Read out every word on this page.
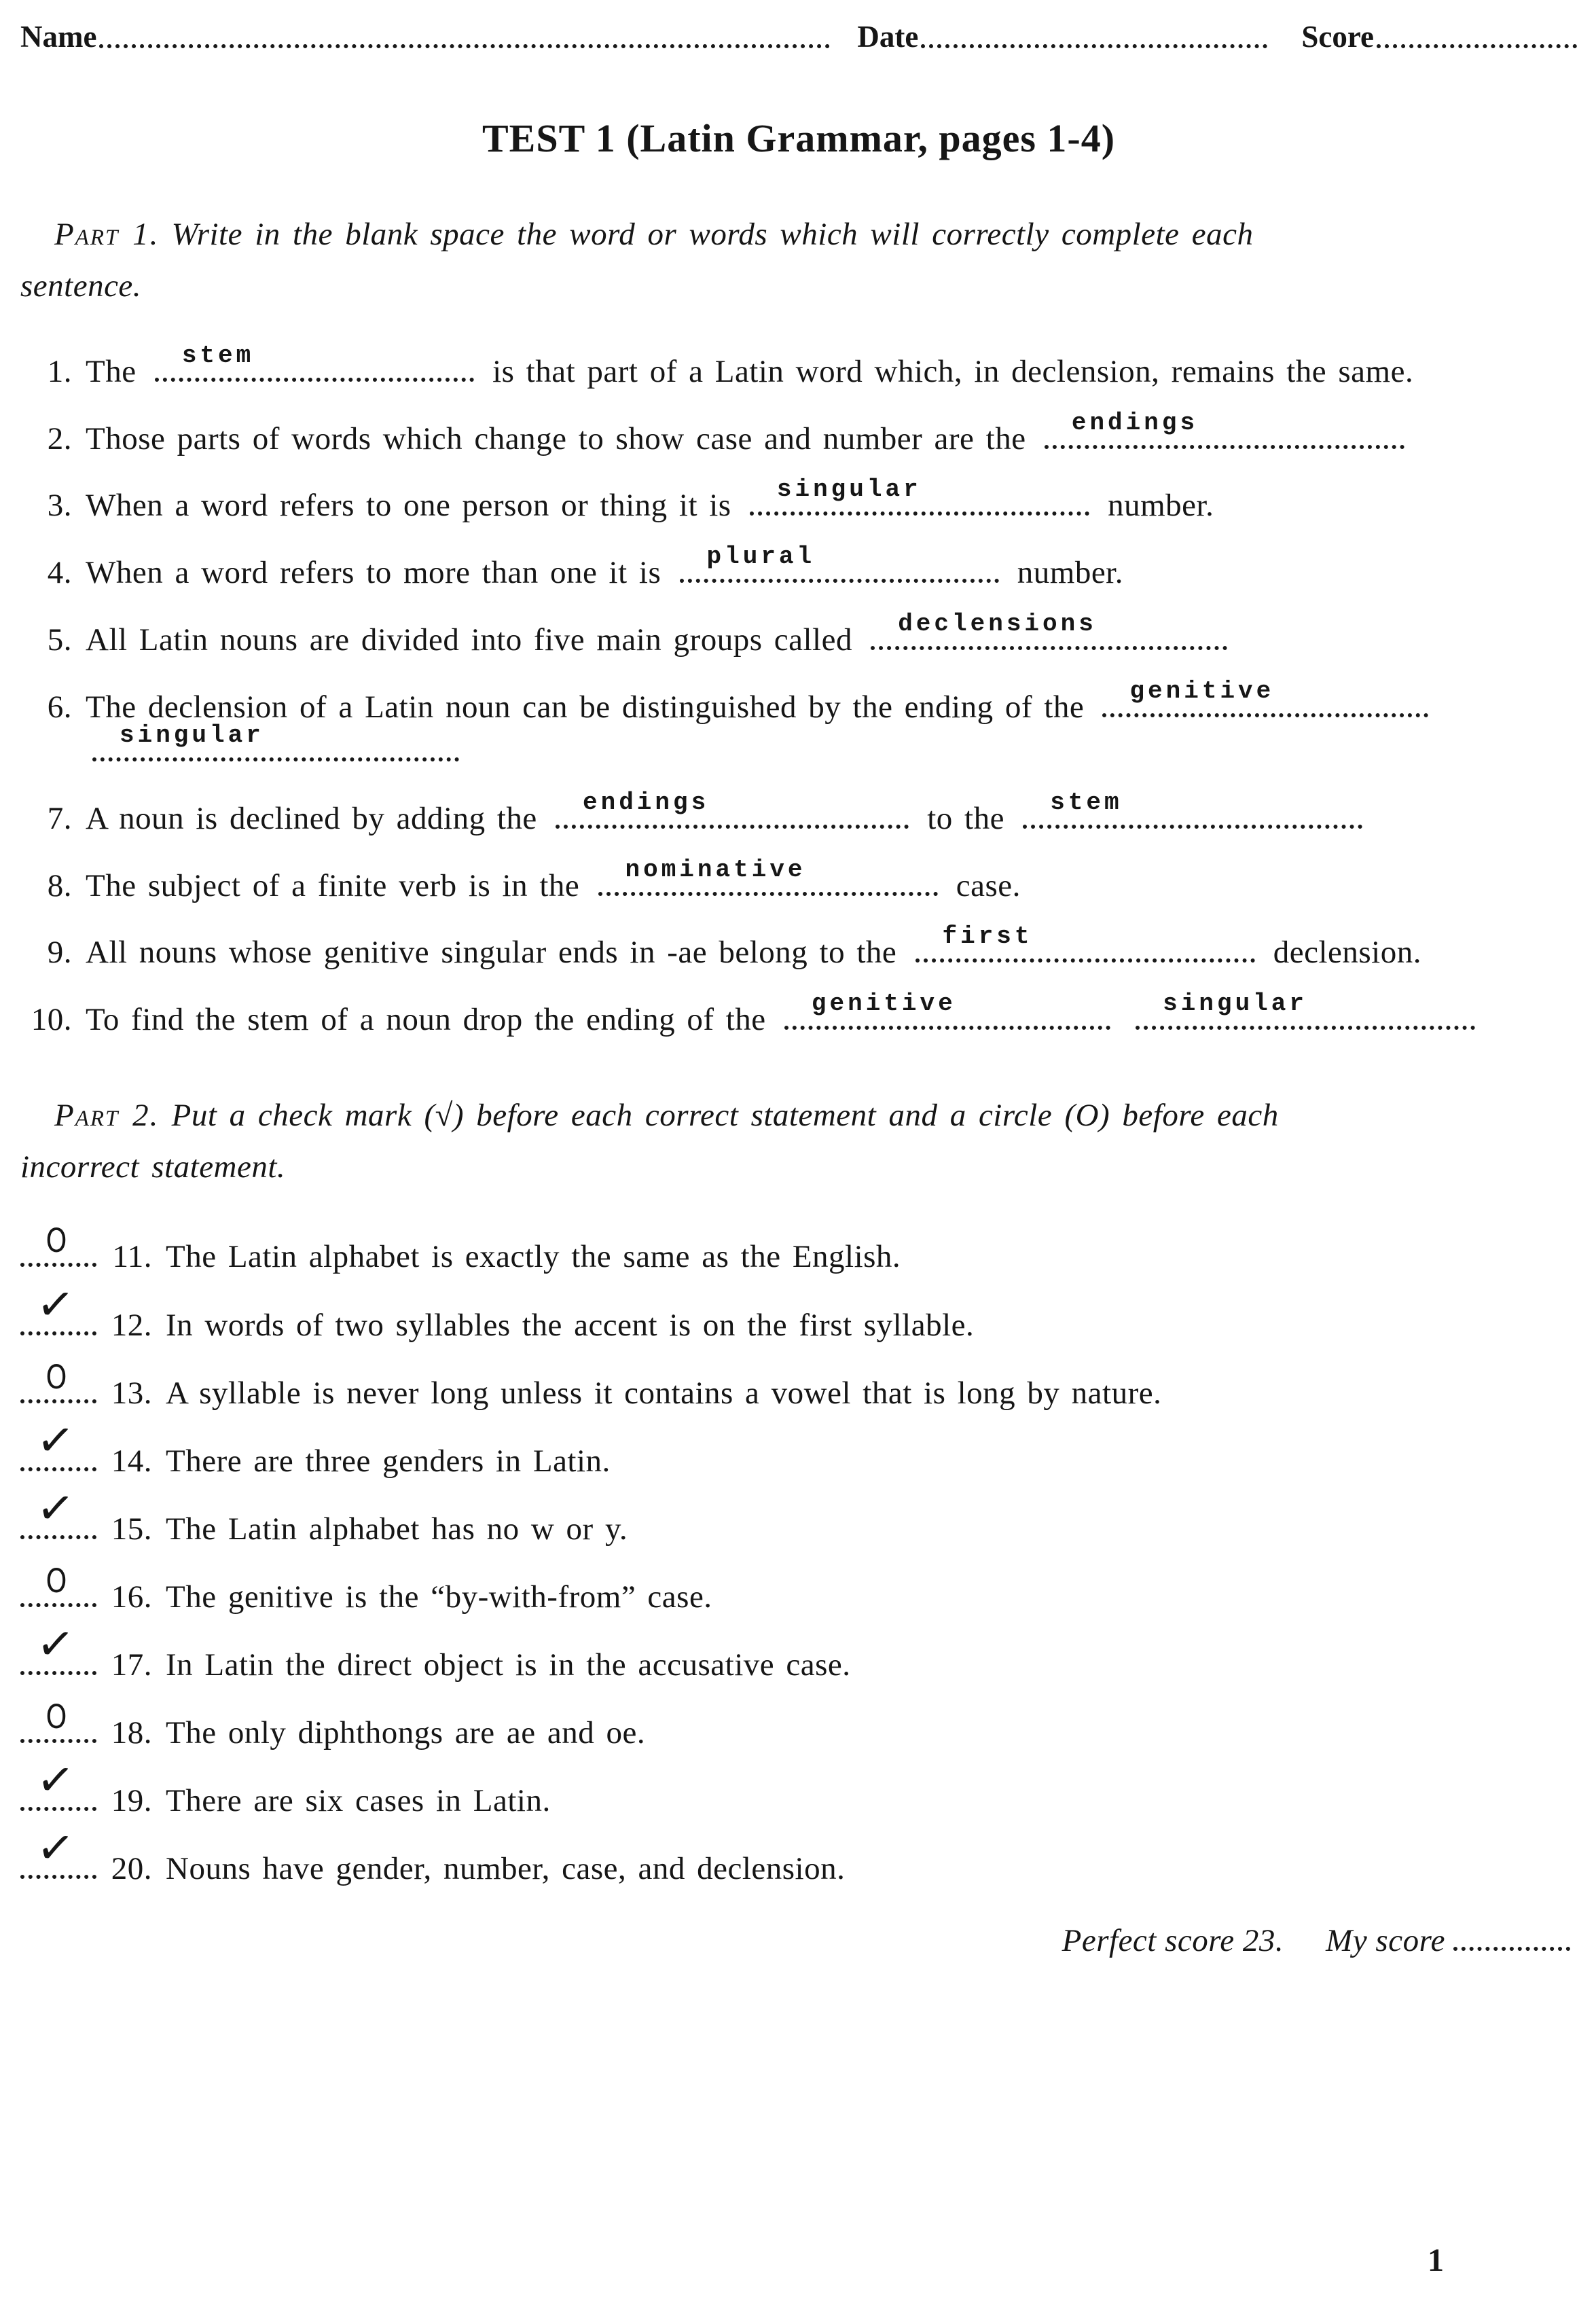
Name	Date	Score
TEST 1 (Latin Grammar, pages 1-4)

Part 1. Write in the blank space the word or words which will correctly complete each
sentence.

1. The stem	is that part of a Latin word which, in declension, remains the same.
2. Those parts of words which change to show case and number are the endings
3. When a word refers to one person or thing it is singular	number.
4. When a word refers to more than one it is plural	number.
5. All Latin nouns are divided into five main groups called declensions
6. The declension of a Latin noun can be distinguished by the ending of the genitive

singular
7. A noun is declined by adding the endings	to the stem
8. The subject of a finite verb is in the nominative	case.
9. All nouns whose genitive singular ends in -ae belong to the first	declension.
10. To find the stem of a noun drop the ending of the genitive
	singular

Part 2. Put a check mark (√) before each correct statement and a circle (O) before each
incorrect statement.

O 11. The Latin alphabet is exactly the same as the English.
✓ 12. In words of two syllables the accent is on the first syllable.
O 13. A syllable is never long unless it contains a vowel that is long by nature.
✓ 14. There are three genders in Latin.
✓ 15. The Latin alphabet has no w or y.
O 16. The genitive is the “by-with-from” case.
✓ 17. In Latin the direct object is in the accusative case.
O 18. The only diphthongs are ae and oe.
✓ 19. There are six cases in Latin.
✓ 20. Nouns have gender, number, case, and declension.

Perfect score 23. My score

1
